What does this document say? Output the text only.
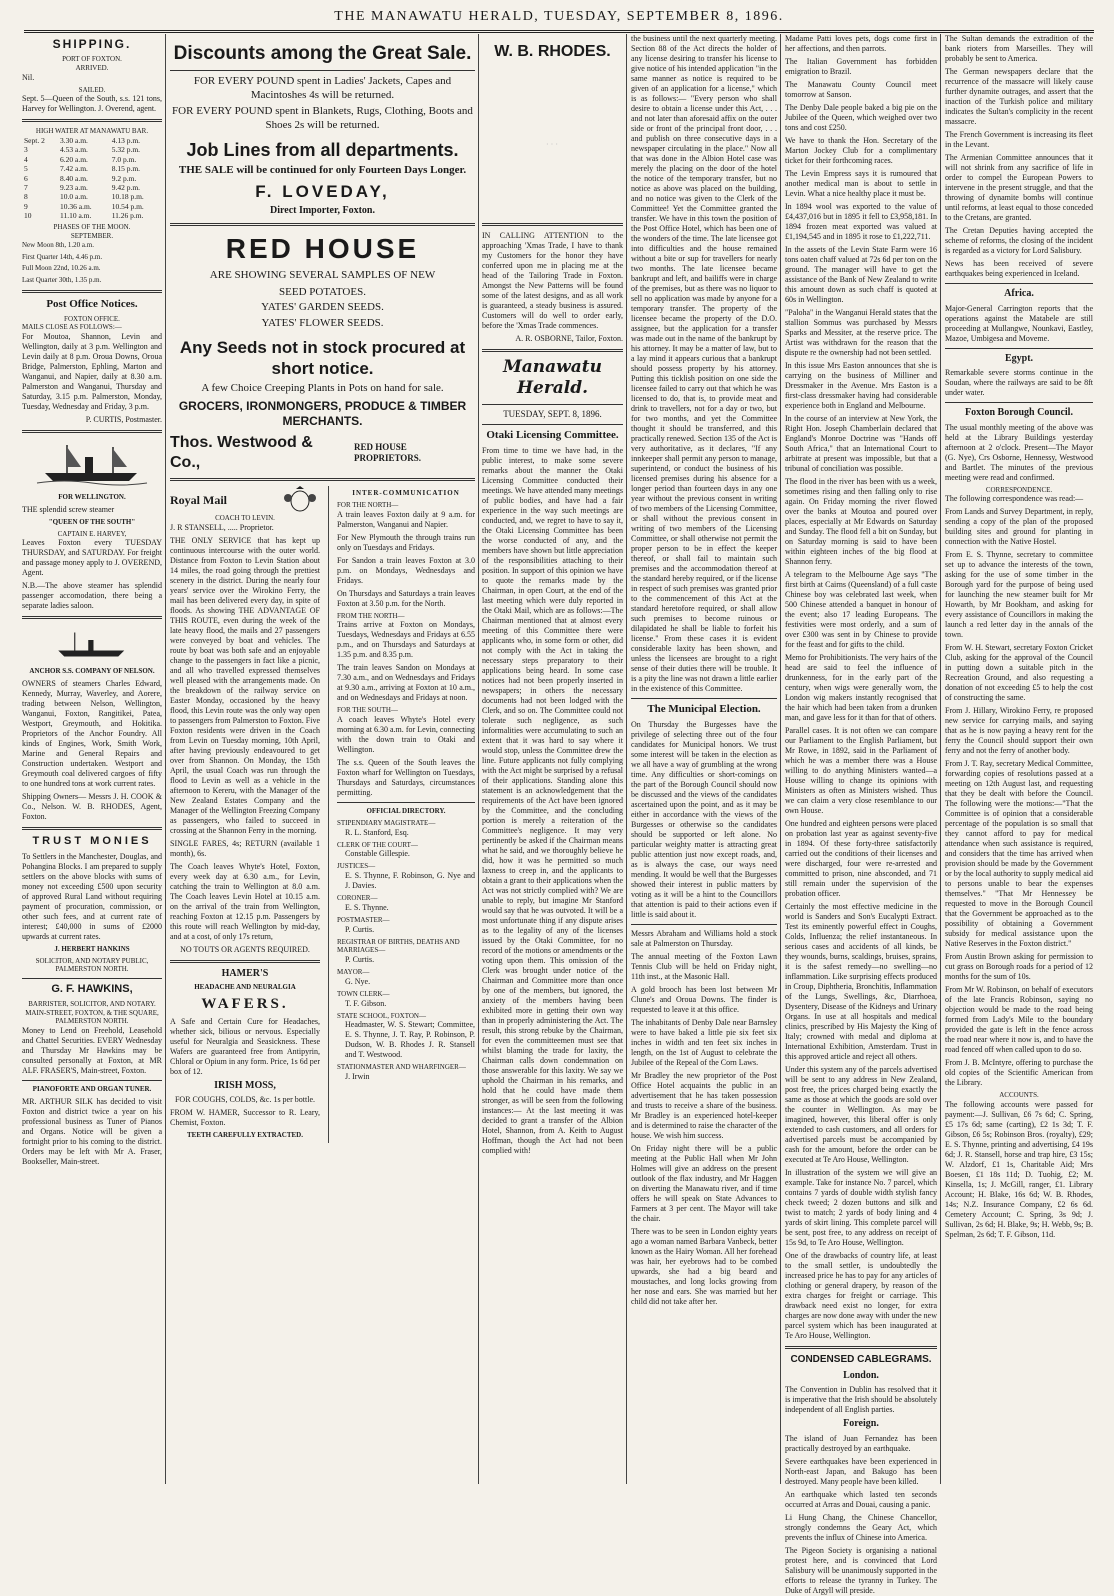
THE MANAWATU HERALD, TUESDAY, SEPTEMBER 8, 1896.
SHIPPING.
PORT OF FOXTON.
ARRIVED.

Nil.

SAILED.

Sept. 5—Queen of the South, s.s. 121 tons, Harvey for Wellington. J. Overend, agent.

HIGH WATER AT MANAWATU BAR.
Sept. 2	3.30 a.m.	4.13 p.m.
3	4.53 a.m.	5.32 p.m.
4	6.20 a.m.	7.0 p.m.
5	7.42 a.m.	8.15 p.m.
6	8.40 a.m.	9.2 p.m.
7	9.23 a.m.	9.42 p.m.
8	10.0 a.m.	10.18 p.m.
9	10.36 a.m.	10.54 p.m.
10	11.10 a.m.	11.26 p.m.
PHASES OF THE MOON.
SEPTEMBER.

New Moon 8th, 1.20 a.m.

First Quarter 14th, 4.46 p.m.

Full Moon 22nd, 10.26 a.m.

Last Quarter 30th, 1.35 p.m.

Post Office Notices.
FOXTON OFFICE.
MAILS CLOSE AS FOLLOWS:—

For Moutoa, Shannon, Levin and Wellington, daily at 3 p.m. Wellington and Levin daily at 8 p.m. Oroua Downs, Oroua Bridge, Palmerston, Ephling, Marton and Wanganui, and Napier, daily at 8.30 a.m. Palmerston and Wanganui, Thursday and Saturday, 3.15 p.m. Palmerston, Monday, Tuesday, Wednesday and Friday, 3 p.m.

P. CURTIS, Postmaster.

FOR WELLINGTON.

THE splendid screw steamer

"QUEEN OF THE SOUTH"
CAPTAIN E. HARVEY,

Leaves Foxton every TUESDAY THURSDAY, and SATURDAY. For freight and passage money apply to J. OVEREND, Agent.

N.B.—The above steamer has splendid passenger accomodation, there being a separate ladies saloon.

ANCHOR S.S. COMPANY OF NELSON.

OWNERS of steamers Charles Edward, Kennedy, Murray, Waverley, and Aorere, trading between Nelson, Wellington, Wanganui, Foxton, Rangitikei, Patea, Westport, Greymouth, and Hokitika. Proprietors of the Anchor Foundry. All kinds of Engines, Work, Smith Work, Marine and General Repairs and Construction undertaken. Westport and Greymouth coal delivered cargoes of fifty to one hundred tons at work current rates.

Shipping Owners— Messrs J. H. COOK & Co., Nelson. W. B. RHODES, Agent, Foxton.

TRUST MONIES

To Settlers in the Manchester, Douglas, and Pohangina Blocks. I am prepared to supply settlers on the above blocks with sums of money not exceeding £500 upon security of approved Rural Land without requiring payment of procuration, commission, or other such fees, and at current rate of interest; £40,000 in sums of £2000 upwards at current rates.

J. HERBERT HANKINS
SOLICITOR, AND NOTARY PUBLIC, PALMERSTON NORTH.
G. F. HAWKINS,
BARRISTER, SOLICITOR, AND NOTARY. MAIN-STREET, FOXTON, & THE SQUARE, PALMERSTON NORTH.

Money to Lend on Freehold, Leasehold and Chattel Securities. EVERY Wednesday and Thursday Mr Hawkins may be consulted personally at Foxton, at MR ALF. FRASER'S, Main-street, Foxton.

PIANOFORTE AND ORGAN TUNER.

MR. ARTHUR SILK has decided to visit Foxton and district twice a year on his professional business as Tuner of Pianos and Organs. Notice will be given a fortnight prior to his coming to the district. Orders may be left with Mr A. Fraser, Bookseller, Main-street.

Discounts among the Great Sale.

FOR EVERY POUND spent in Ladies' Jackets, Capes and Macintoshes 4s will be returned.

FOR EVERY POUND spent in Blankets, Rugs, Clothing, Boots and Shoes 2s will be returned.

Job Lines from all departments.
THE SALE will be continued for only Fourteen Days Longer.
F. LOVEDAY,
Direct Importer, Foxton.
RED HOUSE

ARE SHOWING SEVERAL SAMPLES OF NEW

SEED POTATOES.
YATES' GARDEN SEEDS.
YATES' FLOWER SEEDS.
Any Seeds not in stock procured at short notice.

A few Choice Creeping Plants in Pots on hand for sale.

GROCERS, IRONMONGERS, PRODUCE & TIMBER MERCHANTS.
Thos. Westwood & Co.,
RED HOUSE PROPRIETORS.
Royal Mail
COACH TO LEVIN.

J. R STANSELL, ..... Proprietor.

THE ONLY SERVICE that has kept up continuous intercourse with the outer world. Distance from Foxton to Levin Station about 14 miles, the road going through the prettiest scenery in the district. During the nearly four years' service over the Wirokino Ferry, the mail has been delivered every day, in spite of floods. As showing THE ADVANTAGE OF THIS ROUTE, even during the week of the late heavy flood, the mails and 27 passengers were conveyed by boat and vehicles. The route by boat was both safe and an enjoyable change to the passengers in fact like a picnic, and all who travelled expressed themselves well pleased with the arrangements made. On the breakdown of the railway service on Easter Monday, occasioned by the heavy flood, this Levin route was the only way open to passengers from Palmerston to Foxton. Five Foxton residents were driven in the Coach from Levin on Tuesday morning, 10th April, after having previously endeavoured to get over from Shannon. On Monday, the 15th April, the usual Coach was run through the flood to Levin as well as a vehicle in the afternoon to Kereru, with the Manager of the New Zealand Estates Company and the Manager of the Wellington Freezing Company as passengers, who failed to succeed in crossing at the Shannon Ferry in the morning.

SINGLE FARES, 4s; RETURN (available 1 month), 6s.

The Coach leaves Whyte's Hotel, Foxton, every week day at 6.30 a.m., for Levin, catching the train to Wellington at 8.0 a.m. The Coach leaves Levin Hotel at 10.15 a.m. on the arrival of the train from Wellington, reaching Foxton at 12.15 p.m. Passengers by this route will reach Wellington by mid-day, and at a cost, of only 17s return,

NO TOUTS OR AGENTS REQUIRED.
HAMER'S
HEADACHE AND NEURALGIA
WAFERS.

A Safe and Certain Cure for Headaches, whether sick, bilious or nervous. Especially useful for Neuralgia and Seasickness. These Wafers are guaranteed free from Antipyrin, Chloral or Opium in any form. Price, 1s 6d per box of 12.

IRISH MOSS,

FOR COUGHS, COLDS, &c. 1s per bottle.

FROM W. HAMER, Successor to R. Leary, Chemist, Foxton.

TEETH CAREFULLY EXTRACTED.
INTER-COMMUNICATION
FOR THE NORTH—

A train leaves Foxton daily at 9 a.m. for Palmerston, Wanganui and Napier.

For New Plymouth the through trains run only on Tuesdays and Fridays.

For Sandon a train leaves Foxton at 3.0 p.m. on Mondays, Wednesdays and Fridays.

On Thursdays and Saturdays a train leaves Foxton at 3.50 p.m. for the North.

FROM THE NORTH—

Trains arrive at Foxton on Mondays, Tuesdays, Wednesdays and Fridays at 6.55 p.m., and on Thursdays and Saturdays at 1.35 p.m. and 8.35 p.m.

The train leaves Sandon on Mondays at 7.30 a.m., and on Wednesdays and Fridays at 9.30 a.m., arriving at Foxton at 10 a.m., and on Wednesdays and Fridays at noon.

FOR THE SOUTH—

A coach leaves Whyte's Hotel every morning at 6.30 a.m. for Levin, connecting with the down train to Otaki and Wellington.

The s.s. Queen of the South leaves the Foxton wharf for Wellington on Tuesdays, Thursdays and Saturdays, circumstances permitting.

OFFICIAL DIRECTORY.
STIPENDIARY MAGISTRATE—

R. L. Stanford, Esq.

CLERK OF THE COURT—

Constable Gillespie.

JUSTICES—

E. S. Thynne, F. Robinson, G. Nye and J. Davies.

CORONER—

E. S. Thynne.

POSTMASTER—

P. Curtis.

REGISTRAR OF BIRTHS, DEATHS AND MARRIAGES—

P. Curtis.

MAYOR—

G. Nye.

TOWN CLERK—

T. F. Gibson.

STATE SCHOOL, FOXTON—

Headmaster, W. S. Stewart; Committee, E. S. Thynne, J. T. Ray, P. Robinson, P. Dudson, W. B. Rhodes J. R. Stansell and T. Westwood.

STATIONMASTER AND WHARFINGER—

J. Irwin

W. B. RHODES.
· · ·

IN CALLING ATTENTION to the approaching 'Xmas Trade, I have to thank my Customers for the honor they have conferred upon me in placing me at the head of the Tailoring Trade in Foxton. Amongst the New Patterns will be found some of the latest designs, and as all work is guaranteed, a steady business is assured. Customers will do well to order early, before the 'Xmas Trade commences.

A. R. OSBORNE, Tailor, Foxton.

Manawatu Herald.
TUESDAY, SEPT. 8, 1896.
Otaki Licensing Committee.

From time to time we have had, in the public interest, to make some severe remarks about the manner the Otaki Licensing Committee conducted their meetings. We have attended many meetings of public bodies, and have had a fair experience in the way such meetings are conducted, and, we regret to have to say it, the Otaki Licensing Committee has been the worse conducted of any, and the members have shown but little appreciation of the responsibilities attaching to their position. In support of this opinion we have to quote the remarks made by the Chairman, in open Court, at the end of the last meeting which were duly reported in the Otaki Mail, which are as follows:—The Chairman mentioned that at almost every meeting of this Committee there were applicants who, in some form or other, did not comply with the Act in taking the necessary steps preparatory to their applications being heard. In some case notices had not been properly inserted in newspapers; in others the necessary documents had not been lodged with the Clerk, and so on. The Committee could not tolerate such negligence, as such informalities were accumulating to such an extent that it was hard to say where it would stop, unless the Committee drew the line. Future applicants not fully complying with the Act might be surprised by a refusal of their applications. Standing alone this statement is an acknowledgement that the requirements of the Act have been ignored by the Committee, and the concluding portion is merely a reiteration of the Committee's negligence. It may very pertinently be asked if the Chairman means what he said, and we thoroughly believe he did, how it was he permitted so much laxness to creep in, and the applicants to obtain a grant to their applications when the Act was not strictly complied with? We are unable to reply, but imagine Mr Stanford would say that he was outvoted. It will be a most unfortunate thing if any dispute arises as to the legality of any of the licenses issued by the Otaki Committee, for no record of the motions or amendments or the voting upon them. This omission of the Clerk was brought under notice of the Chairman and Committee more than once by one of the members, but ignored, the anxiety of the members having been exhibited more in getting their own way than in properly administering the Act. The result, this strong rebuke by the Chairman, for even the committeemen must see that whilst blaming the trade for laxity, the Chairman calls down condemnation on those answerable for this laxity. We say we uphold the Chairman in his remarks, and hold that he could have made them stronger, as will be seen from the following instances:— At the last meeting it was decided to grant a transfer of the Albion Hotel, Shannon, from A. Keith to August Hoffman, though the Act had not been complied with!

the business until the next quarterly meeting. Section 88 of the Act directs the holder of any license desiring to transfer his license to give notice of his intended application "in the same manner as notice is required to be given of an application for a license," which is as follows:— "Every person who shall desire to obtain a license under this Act, . . . and not later than aforesaid affix on the outer side or front of the principal front door, . . . and publish on three consecutive days in a newspaper circulating in the place." Now all that was done in the Albion Hotel case was merely the placing on the door of the hotel the notice of the temporary transfer, but no notice as above was placed on the building, and no notice was given to the Clerk of the Committee! Yet the Committee granted the transfer. We have in this town the position of the Post Office Hotel, which has been one of the wonders of the time. The late licensee got into difficulties and the house remained without a bite or sup for travellers for nearly two months. The late licensee became bankrupt and left, and bailiffs were in charge of the premises, but as there was no liquor to sell no application was made by anyone for a temporary transfer. The property of the licensee became the property of the D.O. assignee, but the application for a transfer was made out in the name of the bankrupt by his attorney. It may be a matter of law, but to a lay mind it appears curious that a bankrupt should possess property by his attorney. Putting this ticklish position on one side the licensee failed to carry out that which he was licensed to do, that is, to provide meat and drink to travellers, not for a day or two, but for two months, and yet the Committee thought it should be transferred, and this practically renewed. Section 135 of the Act is very authoritative, as it declares, "If any innkeeper shall permit any person to manage, superintend, or conduct the business of his licensed premises during his absence for a longer period than fourteen days in any one year without the previous consent in writing of two members of the Licensing Committee, or shall without the previous consent in writing of two members of the Licensing Committee, or shall otherwise not permit the proper person to be in effect the keeper thereof, or shall fail to maintain such premises and the accommodation thereof at the standard hereby required, or if the license in respect of such premises was granted prior to the commencement of this Act at the standard heretofore required, or shall allow such premises to become ruinous or dilapidated he shall be liable to forfeit his license." From these cases it is evident considerable laxity has been shown, and unless the licensees are brought to a right sense of their duties there will be trouble. It is a pity the line was not drawn a little earlier in the existence of this Committee.

The Municipal Election.

On Thursday the Burgesses have the privilege of selecting three out of the four candidates for Municipal honors. We trust some interest will be taken in the election as we all have a way of grumbling at the wrong time. Any difficulties or short-comings on the part of the Borough Council should now be discussed and the views of the candidates ascertained upon the point, and as it may be either in accordance with the views of the Burgesses or otherwise so the candidates should be supported or left alone. No particular weighty matter is attracting great public attention just now except roads, and, as is always the case, our ways need mending. It would be well that the Burgesses showed their interest in public matters by voting as it will be a hint to the Councillors that attention is paid to their actions even if little is said about it.

Messrs Abraham and Williams hold a stock sale at Palmerston on Thursday.

The annual meeting of the Foxton Lawn Tennis Club will be held on Friday night, 11th inst., at the Masonic Hall.

A gold brooch has been lost between Mr Clune's and Oroua Downs. The finder is requested to leave it at this office.

The inhabitants of Denby Dale near Barnsley were to have baked a little pie six feet six inches in width and ten feet six inches in length, on the 1st of August to celebrate the Jubilee of the Repeal of the Corn Laws.

Mr Bradley the new proprietor of the Post Office Hotel acquaints the public in an advertisement that he has taken possession and trusts to receive a share of the business. Mr Bradley is an experienced hotel-keeper and is determined to raise the character of the house. We wish him success.

On Friday night there will be a public meeting at the Public Hall when Mr John Holmes will give an address on the present outlook of the flax industry, and Mr Haggen on diverting the Manawatu river, and if time offers he will speak on State Advances to Farmers at 3 per cent. The Mayor will take the chair.

There was to be seen in London eighty years ago a woman named Barbara Vanbeck, better known as the Hairy Woman. All her forehead was hair, her eyebrows had to be combed upwards, she had a big beard and moustaches, and long locks growing from her nose and ears. She was married but her child did not take after her.

Madame Patti loves pets, dogs come first in her affections, and then parrots.

The Italian Government has forbidden emigration to Brazil.

The Manawatu County Council meet tomorrow at Sanson.

The Denby Dale people baked a big pie on the Jubilee of the Queen, which weighed over two tons and cost £250.

We have to thank the Hon. Secretary of the Marton Jockey Club for a complimentary ticket for their forthcoming races.

The Levin Empress says it is rumoured that another medical man is about to settle in Levin. What a nice healthy place it must be.

In 1894 wool was exported to the value of £4,437,016 but in 1895 it fell to £3,958,181. In 1894 frozen meat exported was valued at £1,194,545 and in 1895 it rose to £1,222,711.

In the assets of the Levin State Farm were 16 tons oaten chaff valued at 72s 6d per ton on the ground. The manager will have to get the assistance of the Bank of New Zealand to write this amount down as such chaff is quoted at 60s in Wellington.

"Paloha" in the Wanganui Herald states that the stallion Sommus was purchased by Messrs Sparks and Messiter, at the reserve price. The Artist was withdrawn for the reason that the dispute re the ownership had not been settled.

In this issue Mrs Easton announces that she is carrying on the business of Milliner and Dressmaker in the Avenue. Mrs Easton is a first-class dressmaker having had considerable experience both in England and Melbourne.

In the course of an interview at New York, the Right Hon. Joseph Chamberlain declared that England's Monroe Doctrine was "Hands off South Africa," that an International Court to arbitrate at present was impossible, but that a tribunal of conciliation was possible.

The flood in the river has been with us a week, sometimes rising and then falling only to rise again. On Friday morning the river flowed over the banks at Moutoa and poured over places, especially at Mr Edwards on Saturday and Sunday. The flood fell a bit on Sunday, but on Saturday morning is said to have been within eighteen inches of the big flood at Shannon ferry.

A telegram to the Melbourne Age says "The first birth at Cairns (Queensland) of a full caste Chinese boy was celebrated last week, when 500 Chinese attended a banquet in honour of the event; also 17 leading Europeans. The festivities were most orderly, and a sum of over £300 was sent in by Chinese to provide for the feast and for gifts to the child.

Memo for Prohibitionists. The very hairs of the head are said to feel the influence of drunkenness, for in the early part of the century, when wigs were generally worn, the London wig makers instantly recognised that the hair which had been taken from a drunken man, and gave less for it than for that of others.

Parallel cases. It is not often we can compare our Parliament to the English Parliament, but Mr Rowe, in 1892, said in the Parliament of which he was a member there was a House willing to do anything Ministers wanted—a House willing to change its opinions with Ministers as often as Ministers wished. Thus we can claim a very close resemblance to our own House.

One hundred and eighteen persons were placed on probation last year as against seventy-five in 1894. Of these forty-three satisfactorily carried out the conditions of their licenses and were discharged, four were re-arrested and committed to prison, nine absconded, and 71 still remain under the supervision of the probation officer.

Certainly the most effective medicine in the world is Sanders and Son's Eucalypti Extract. Test its eminently powerful effect in Coughs, Colds, Influenza; the relief instantaneous. In serious cases and accidents of all kinds, be they wounds, burns, scaldings, bruises, sprains, it is the safest remedy—no swelling—no inflammation. Like surprising effects produced in Croup, Diphtheria, Bronchitis, Inflammation of the Lungs, Swellings, &c, Diarrhoea, Dysentery, Disease of the Kidneys and Urinary Organs. In use at all hospitals and medical clinics, prescribed by His Majesty the King of Italy; crowned with medal and diploma at International Exhibition, Amsterdam. Trust in this approved article and reject all others.

Under this system any of the parcels advertised will be sent to any address in New Zealand, post free, the prices charged being exactly the same as those at which the goods are sold over the counter in Wellington. As may be imagined, however, this liberal offer is only extended to cash customers, and all orders for advertised parcels must be accompanied by cash for the amount, before the order can be executed at Te Aro House, Wellington.

In illustration of the system we will give an example. Take for instance No. 7 parcel, which contains 7 yards of double width stylish fancy check tweed; 2 dozen buttons and silk and twist to match; 2 yards of body lining and 4 yards of skirt lining. This complete parcel will be sent, post free, to any address on receipt of 15s 9d, to Te Aro House, Wellington.

One of the drawbacks of country life, at least to the small settler, is undoubtedly the increased price he has to pay for any articles of clothing or general drapery, by reason of the extra charges for freight or carriage. This drawback need exist no longer, for extra charges are now done away with under the new parcel system which has been inaugurated at Te Aro House, Wellington.

CONDENSED CABLEGRAMS.
London.

The Convention in Dublin has resolved that it is imperative that the Irish should be absolutely independent of all English parties.

Foreign.

The island of Juan Fernandez has been practically destroyed by an earthquake.

Severe earthquakes have been experienced in North-east Japan, and Bakugo has been destroyed. Many people have been killed.

An earthquake which lasted ten seconds occurred at Arras and Douai, causing a panic.

Li Hung Chang, the Chinese Chancellor, strongly condemns the Geary Act, which prevents the influx of Chinese into America.

The Pigeon Society is organising a national protest here, and is convinced that Lord Salisbury will be unanimously supported in the efforts to release the tyranny in Turkey. The Duke of Argyll will preside.

The Sultan demands the extradition of the bank rioters from Marseilles. They will probably be sent to America.

The German newspapers declare that the recurrence of the massacre will likely cause further dynamite outrages, and assert that the inaction of the Turkish police and military indicates the Sultan's complicity in the recent massacre.

The French Government is increasing its fleet in the Levant.

The Armenian Committee announces that it will not shrink from any sacrifice of life in order to compel the European Powers to intervene in the present struggle, and that the throwing of dynamite bombs will continue until reforms, at least equal to those conceded to the Cretans, are granted.

The Cretan Deputies having accepted the scheme of reforms, the closing of the incident is regarded as a victory for Lord Salisbury.

News has been received of severe earthquakes being experienced in Iceland.

Africa.

Major-General Carrington reports that the operations against the Matabele are still proceeding at Mullangwe, Nounkavi, Eastley, Mazoe, Umbigesa and Moveme.

Egypt.

Remarkable severe storms continue in the Soudan, where the railways are said to be 8ft under water.

Foxton Borough Council.

The usual monthly meeting of the above was held at the Library Buildings yesterday afternoon at 2 o'clock. Present—The Mayor (G. Nye), Crs Osborne, Hennessy, Westwood and Bartlet. The minutes of the previous meeting were read and confirmed.

CORRESPONDENCE.

The following correspondence was read:—

From Lands and Survey Department, in reply, sending a copy of the plan of the proposed building sites and ground for planting in connection with the Native Hostel.

From E. S. Thynne, secretary to committee set up to advance the interests of the town, asking for the use of some timber in the Borough yard for the purpose of being used for launching the new steamer built for Mr Howarth, by Mr Bookham, and asking for every assistance of Councillors in making the launch a red letter day in the annals of the town.

From W. H. Stewart, secretary Foxton Cricket Club, asking for the approval of the Council in putting down a suitable pitch in the Recreation Ground, and also requesting a donation of not exceeding £5 to help the cost of constructing the same.

From J. Hillary, Wirokino Ferry, re proposed new service for carrying mails, and saying that as he is now paying a heavy rent for the ferry the Council should support their own ferry and not the ferry of another body.

From J. T. Ray, secretary Medical Committee, forwarding copies of resolutions passed at a meeting on 12th August last, and requesting that they be dealt with before the Council. The following were the motions:—"That the Committee is of opinion that a considerable percentage of the population is so small that they cannot afford to pay for medical attendance when such assistance is required, and considers that the time has arrived when provision should be made by the Government or by the local authority to supply medical aid to persons unable to bear the expenses themselves." "That Mr Hennessey be requested to move in the Borough Council that the Government be approached as to the possibility of obtaining a Government subsidy for medical assistance upon the Native Reserves in the Foxton district."

From Austin Brown asking for permission to cut grass on Borough roads for a period of 12 months for the sum of 10s.

From Mr W. Robinson, on behalf of executors of the late Francis Robinson, saying no objection would be made to the road being formed from Lady's Mile to the boundary provided the gate is left in the fence across the road near where it now is, and to have the road fenced off when called upon to do so.

From J. B. McIntyre, offering to purchase the old copies of the Scientific American from the Library.

ACCOUNTS.

The following accounts were passed for payment:—J. Sullivan, £6 7s 6d; C. Spring, £5 17s 6d; same (carting), £2 1s 3d; T. F. Gibson, £6 5s; Robinson Bros. (royalty), £29; E. S. Thynne, printing and advertising, £4 19s 6d; J. R. Stansell, horse and trap hire, £3 15s; W. Alzdorf, £1 1s, Charitable Aid; Mrs Boesen, £1 18s 11d; D. Tuohig, £2; M. Kinsella, 1s; J. McGill, ranger, £1. Library Account; H. Blake, 16s 6d; W. B. Rhodes, 14s; N.Z. Insurance Company, £2 6s 6d. Cemetery Account; C. Spring, 3s 9d; J. Sullivan, 2s 6d; H. Blake, 9s; H. Webb, 9s; B. Spelman, 2s 6d; T. F. Gibson, 11d.
